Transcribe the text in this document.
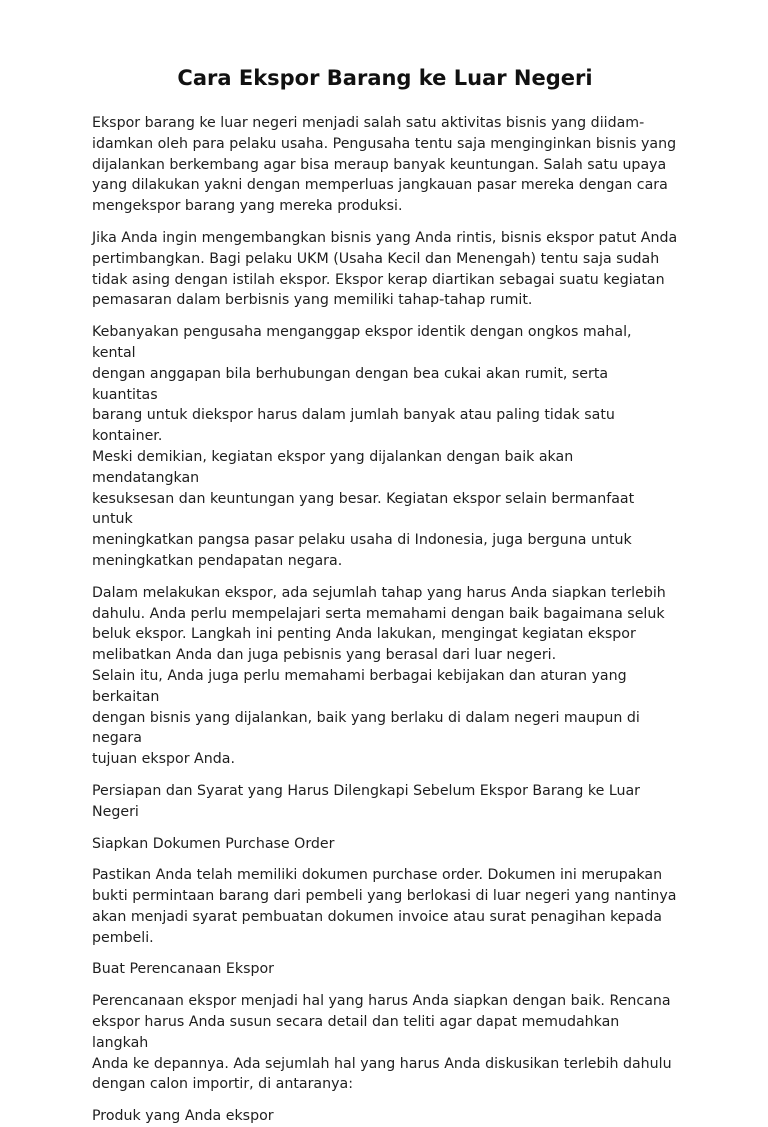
Cara Ekspor Barang ke Luar Negeri

Ekspor barang ke luar negeri menjadi salah satu aktivitas bisnis yang diidam-
idamkan oleh para pelaku usaha. Pengusaha tentu saja menginginkan bisnis yang
dijalankan berkembang agar bisa meraup banyak keuntungan. Salah satu upaya
yang dilakukan yakni dengan memperluas jangkauan pasar mereka dengan cara
mengekspor barang yang mereka produksi.

Jika Anda ingin mengembangkan bisnis yang Anda rintis, bisnis ekspor patut Anda
pertimbangkan. Bagi pelaku UKM (Usaha Kecil dan Menengah) tentu saja sudah
tidak asing dengan istilah ekspor. Ekspor kerap diartikan sebagai suatu kegiatan
pemasaran dalam berbisnis yang memiliki tahap-tahap rumit.

Kebanyakan pengusaha menganggap ekspor identik dengan ongkos mahal, kental
dengan anggapan bila berhubungan dengan bea cukai akan rumit, serta kuantitas
barang untuk diekspor harus dalam jumlah banyak atau paling tidak satu kontainer.
Meski demikian, kegiatan ekspor yang dijalankan dengan baik akan mendatangkan
kesuksesan dan keuntungan yang besar. Kegiatan ekspor selain bermanfaat untuk
meningkatkan pangsa pasar pelaku usaha di Indonesia, juga berguna untuk
meningkatkan pendapatan negara.

Dalam melakukan ekspor, ada sejumlah tahap yang harus Anda siapkan terlebih
dahulu. Anda perlu mempelajari serta memahami dengan baik bagaimana seluk
beluk ekspor. Langkah ini penting Anda lakukan, mengingat kegiatan ekspor
melibatkan Anda dan juga pebisnis yang berasal dari luar negeri.
Selain itu, Anda juga perlu memahami berbagai kebijakan dan aturan yang berkaitan
dengan bisnis yang dijalankan, baik yang berlaku di dalam negeri maupun di negara
tujuan ekspor Anda.

Persiapan dan Syarat yang Harus Dilengkapi Sebelum Ekspor Barang ke Luar Negeri

Siapkan Dokumen Purchase Order

Pastikan Anda telah memiliki dokumen purchase order. Dokumen ini merupakan
bukti permintaan barang dari pembeli yang berlokasi di luar negeri yang nantinya
akan menjadi syarat pembuatan dokumen invoice atau surat penagihan kepada
pembeli.

Buat Perencanaan Ekspor

Perencanaan ekspor menjadi hal yang harus Anda siapkan dengan baik. Rencana
ekspor harus Anda susun secara detail dan teliti agar dapat memudahkan langkah
Anda ke depannya. Ada sejumlah hal yang harus Anda diskusikan terlebih dahulu
dengan calon importir, di antaranya:

Produk yang Anda ekspor
